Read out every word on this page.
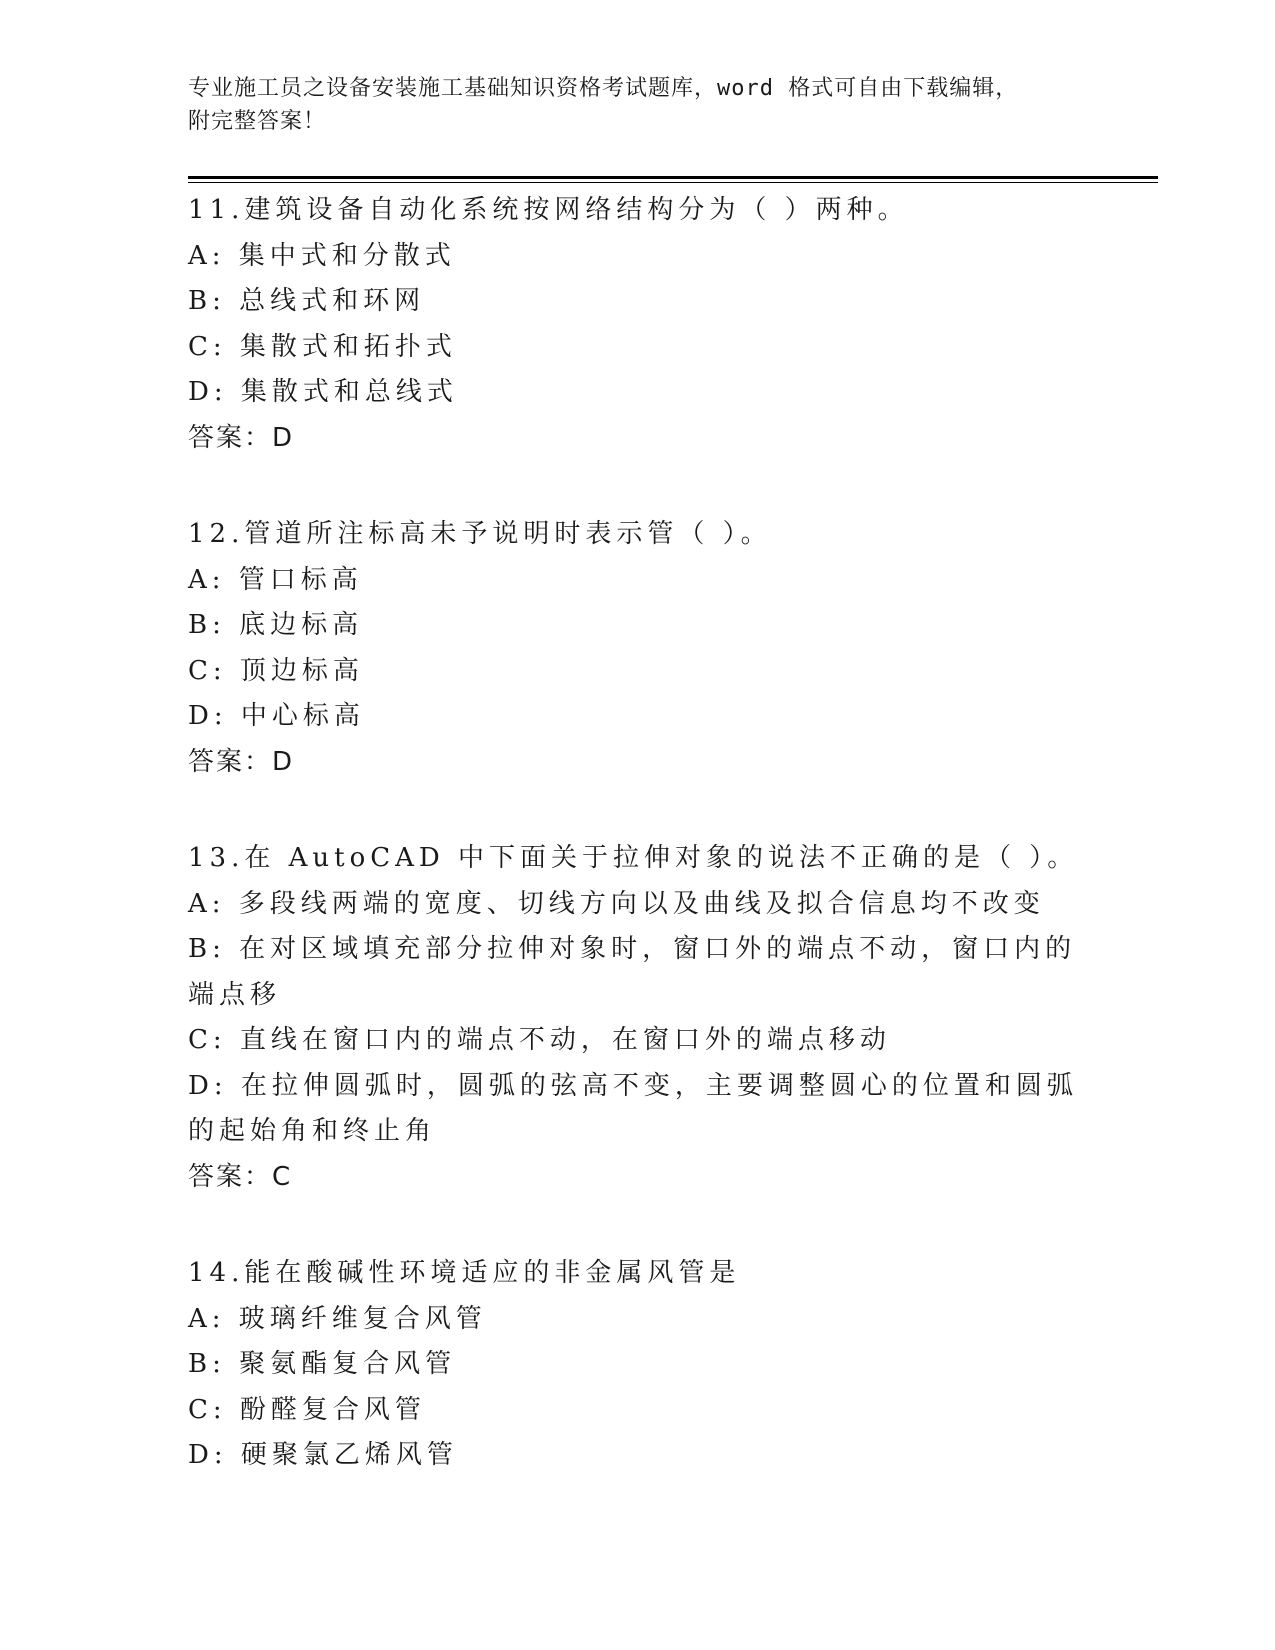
专业施工员之设备安装施工基础知识资格考试题库，word 格式可自由下载编辑，
附完整答案！
11.建筑设备自动化系统按网络结构分为（ ）两种。
A: 集中式和分散式
B: 总线式和环网
C: 集散式和拓扑式
D: 集散式和总线式
答案：D
12.管道所注标高未予说明时表示管（ ）。
A: 管口标高
B: 底边标高
C: 顶边标高
D: 中心标高
答案：D
13.在 AutoCAD 中下面关于拉伸对象的说法不正确的是（ ）。
A: 多段线两端的宽度、切线方向以及曲线及拟合信息均不改变
B: 在对区域填充部分拉伸对象时，窗口外的端点不动，窗口内的端点移
C: 直线在窗口内的端点不动，在窗口外的端点移动
D: 在拉伸圆弧时，圆弧的弦高不变，主要调整圆心的位置和圆弧的起始角和终止角
答案：C
14.能在酸碱性环境适应的非金属风管是
A: 玻璃纤维复合风管
B: 聚氨酯复合风管
C: 酚醛复合风管
D: 硬聚氯乙烯风管
